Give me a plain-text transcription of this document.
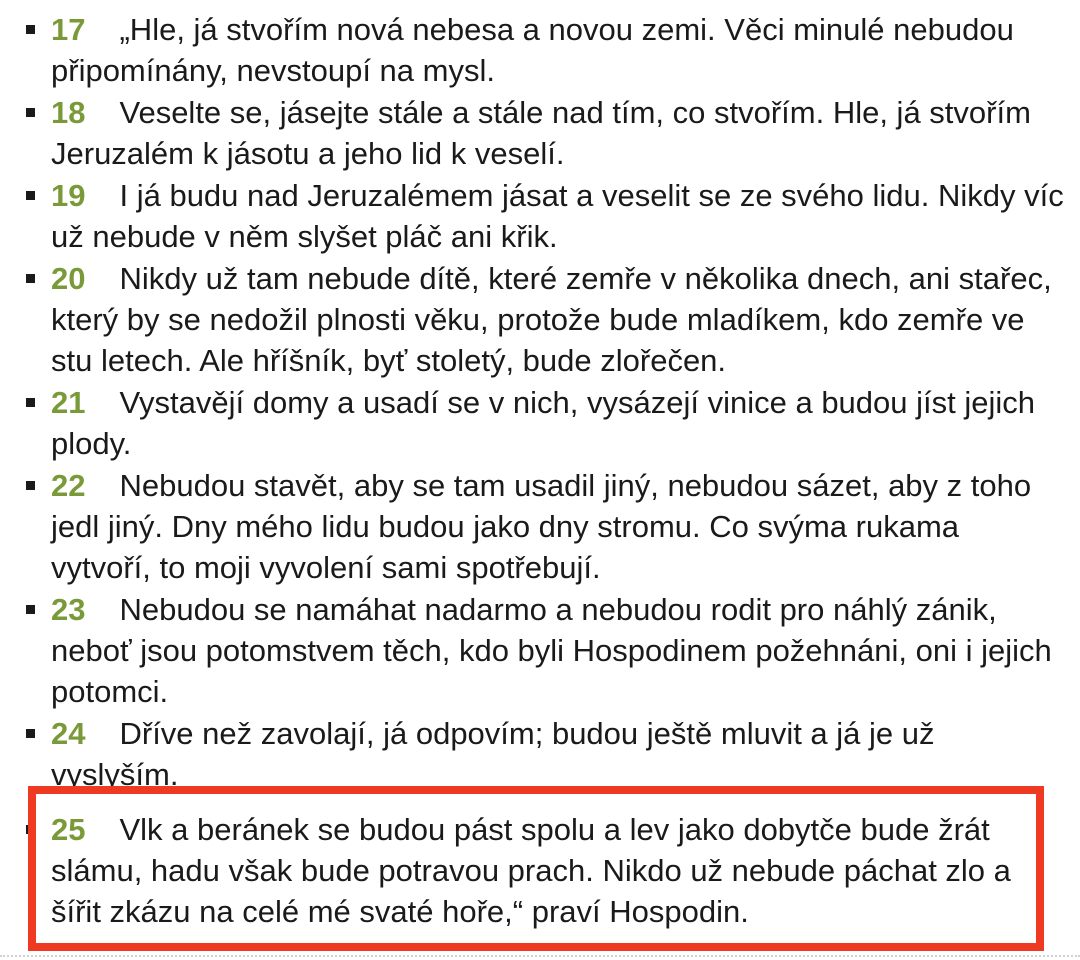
17 „Hle, já stvořím nová nebesa a novou zemi. Věci minulé nebudou připomínány, nevstoupí na mysl.
18 Veselte se, jásejte stále a stále nad tím, co stvořím. Hle, já stvořím Jeruzalém k jásotu a jeho lid k veselí.
19 I já budu nad Jeruzalémem jásat a veselit se ze svého lidu. Nikdy víc už nebude v něm slyšet pláč ani křik.
20 Nikdy už tam nebude dítě, které zemře v několika dnech, ani stařec, který by se nedožil plnosti věku, protože bude mladíkem, kdo zemře ve stu letech. Ale hříšník, byť stoletý, bude zlořečen.
21 Vystavějí domy a usadí se v nich, vysázejí vinice a budou jíst jejich plody.
22 Nebudou stavět, aby se tam usadil jiný, nebudou sázet, aby z toho jedl jiný. Dny mého lidu budou jako dny stromu. Co svýma rukama vytvoří, to moji vyvolení sami spotřebují.
23 Nebudou se namáhat nadarmo a nebudou rodit pro náhlý zánik, neboť jsou potomstvem těch, kdo byli Hospodinem požehnáni, oni i jejich potomci.
24 Dříve než zavolají, já odpovím; budou ještě mluvit a já je už vyslyším.
25 Vlk a beránek se budou pást spolu a lev jako dobytče bude žrát slámu, hadu však bude potravou prach. Nikdo už nebude páchat zlo a šířit zkázu na celé mé svaté hoře,“ praví Hospodin.
